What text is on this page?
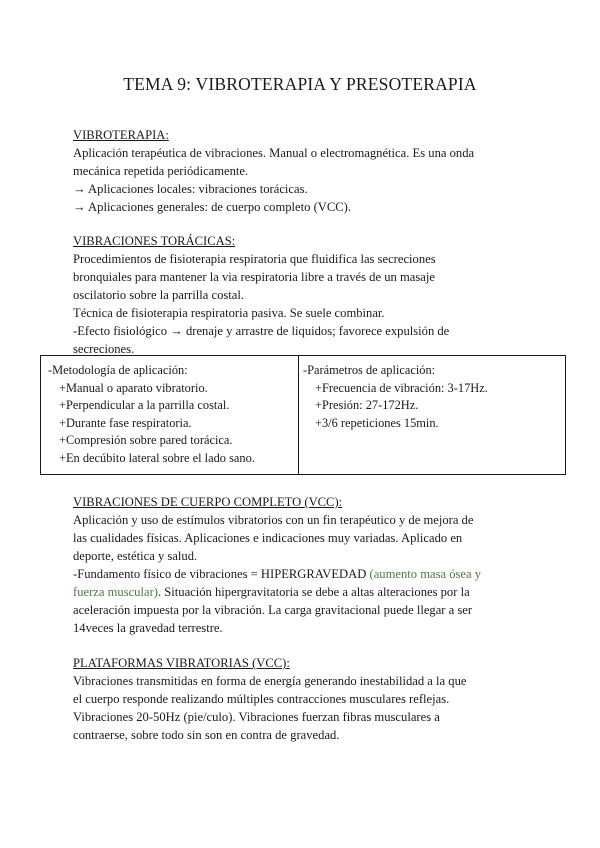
TEMA 9: VIBROTERAPIA Y PRESOTERAPIA

VIBROTERAPIA:

Aplicación terapéutica de vibraciones. Manual o electromagnética. Es una onda

mecánica repetida periódicamente.

→ Aplicaciones locales: vibraciones torácicas.

→ Aplicaciones generales: de cuerpo completo (VCC).

VIBRACIONES TORÁCICAS:

Procedimientos de fisioterapia respiratoria que fluidifica las secreciones

bronquiales para mantener la via respiratoria libre a través de un masaje

oscilatorio sobre la parrilla costal.

Técnica de fisioterapia respiratoria pasiva. Se suele combinar.

-Efecto fisiológico → drenaje y arrastre de liquidos; favorece expulsión de

secreciones.

-Metodología de aplicación:

+Manual o aparato vibratorio.

+Perpendicular a la parrilla costal.

+Durante fase respiratoria.

+Compresión sobre pared torácica.

+En decúbito lateral sobre el lado sano.

-Parámetros de aplicación:

+Frecuencia de vibración: 3-17Hz.

+Presión: 27-172Hz.

+3/6 repeticiones 15min.

VIBRACIONES DE CUERPO COMPLETO (VCC):

Aplicación y uso de estímulos vibratorios con un fin terapéutico y de mejora de

las cualidades físicas. Aplicaciones e indicaciones muy variadas. Aplicado en

deporte, estética y salud.

-Fundamento físico de vibraciones = HIPERGRAVEDAD (aumento masa ósea y

fuerza muscular). Situación hipergravitatoria se debe a altas alteraciones por la

aceleración impuesta por la vibración. La carga gravitacional puede llegar a ser

14veces la gravedad terrestre.

PLATAFORMAS VIBRATORIAS (VCC):

Vibraciones transmitidas en forma de energía generando inestabilidad a la que

el cuerpo responde realizando múltiples contracciones musculares reflejas.

Vibraciones 20-50Hz (pie/culo). Vibraciones fuerzan fibras musculares a

contraerse, sobre todo sin son en contra de gravedad.
